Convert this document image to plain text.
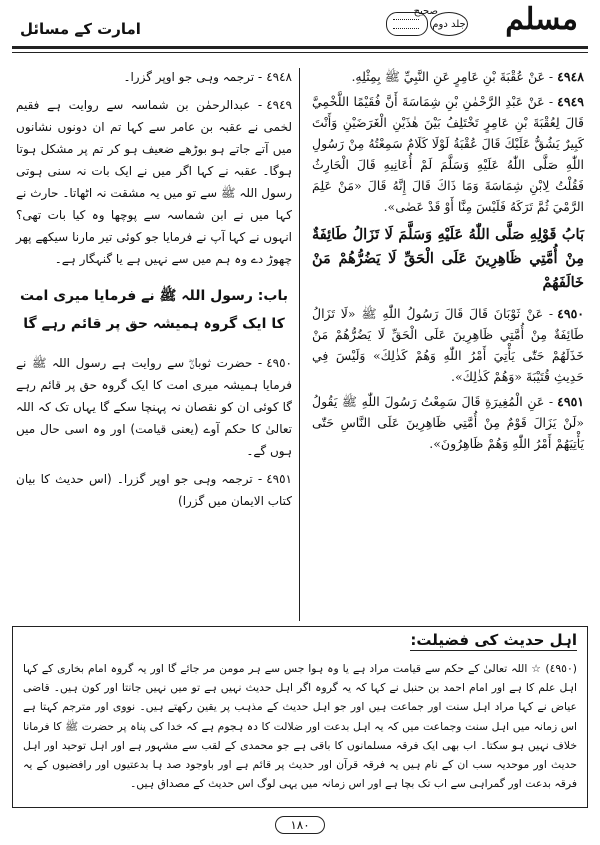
امارت کے مسائل	جلد دوم
صحیح مسلم

٤٩٤٨- عَنْ عُقْبَةَ بْنِ عَامِرٍ عَنِ النَّبِيِّ ﷺ بِمِثْلِهِ.

٤٩٤٩- عَنْ عَبْدِ الرَّحْمٰنِ بْنِ شِمَاسَةَ أَنَّ فُقَيْمًا اللَّخْمِيَّ قَالَ لِعُقْبَةَ بْنِ عَامِرٍ تَخْتَلِفُ بَيْنَ هٰذَيْنِ الْغَرَضَيْنِ وَأَنْتَ كَبِيرٌ يَشُقُّ عَلَيْكَ قَالَ عُقْبَةُ لَوْلَا كَلَامٌ سَمِعْتُهُ مِنْ رَسُولِ اللّٰهِ صَلَّى اللّٰهُ عَلَيْهِ وَسَلَّمَ لَمْ أُعَانِيهِ قَالَ الْحَارِثُ فَقُلْتُ لِابْنِ شِمَاسَةَ وَمَا ذَاكَ قَالَ إِنَّهُ قَالَ «مَنْ عَلِمَ الرَّمْيَ ثُمَّ تَرَكَهُ فَلَيْسَ مِنَّا أَوْ قَدْ عَصٰى».

بَابُ قَوْلِهِ صَلَّى اللّٰهُ عَلَيْهِ وَسَلَّمَ لَا تَزَالُ طَائِفَةٌ مِنْ أُمَّتِي ظَاهِرِينَ عَلَى الْحَقِّ لَا يَضُرُّهُمْ مَنْ خَالَفَهُمْ

٤٩٥٠- عَنْ ثَوْبَانَ قَالَ قَالَ رَسُولُ اللّٰهِ ﷺ «لَا تَزَالُ طَائِفَةٌ مِنْ أُمَّتِي ظَاهِرِينَ عَلَى الْحَقِّ لَا يَضُرُّهُمْ مَنْ خَذَلَهُمْ حَتّٰى يَأْتِيَ أَمْرُ اللّٰهِ وَهُمْ كَذٰلِكَ» وَلَيْسَ فِي حَدِيثِ قُتَيْبَةَ «وَهُمْ كَذٰلِكَ».

٤٩٥١- عَنِ الْمُغِيرَةِ قَالَ سَمِعْتُ رَسُولَ اللّٰهِ ﷺ يَقُولُ «لَنْ يَزَالَ قَوْمٌ مِنْ أُمَّتِي ظَاهِرِينَ عَلَى النَّاسِ حَتّٰى يَأْتِيَهُمْ أَمْرُ اللّٰهِ وَهُمْ ظَاهِرُونَ».

٤٩٤٨- ترجمہ وہی جو اوپر گزرا۔

٤٩٤٩- عبدالرحمٰن بن شماسہ سے روایت ہے فقیم لخمی نے عقبہ بن عامر سے کہا تم ان دونوں نشانوں میں آتے جاتے ہو بوڑھے ضعیف ہو کر تم پر مشکل ہوتا ہوگا۔ عقبہ نے کہا اگر میں نے ایک بات نہ سنی ہوتی رسول اللہ ﷺ سے تو میں یہ مشقت نہ اٹھاتا۔ حارث نے کہا میں نے ابن شماسہ سے پوچھا وہ کیا بات تھی؟ انہوں نے کہا آپ نے فرمایا جو کوئی تیر مارنا سیکھے پھر چھوڑ دے وہ ہم میں سے نہیں ہے یا گنہگار ہے۔

باب: رسول اللہ ﷺ نے فرمایا میری امت کا ایک گروہ ہمیشہ حق پر قائم رہے گا

٤٩٥٠- حضرت ثوبانؓ سے روایت ہے رسول اللہ ﷺ نے فرمایا ہمیشہ میری امت کا ایک گروہ حق پر قائم رہے گا کوئی ان کو نقصان نہ پہنچا سکے گا یہاں تک کہ اللہ تعالیٰ کا حکم آوے (یعنی قیامت) اور وہ اسی حال میں ہوں گے۔

٤٩٥١- ترجمہ وہی جو اوپر گزرا۔ (اس حدیث کا بیان کتاب الایمان میں گزرا)

اہل حدیث کی فضیلت:
(٤٩٥٠) ☆ اللہ تعالیٰ کے حکم سے قیامت مراد ہے یا وہ ہوا جس سے ہر مومن مر جائے گا اور یہ گروہ امام بخاری کے کہا اہل علم کا ہے اور امام احمد بن حنبل نے کہا کہ یہ گروہ اگر اہل حدیث نہیں ہے تو میں نہیں جانتا اور کون ہیں۔ قاضی عیاض نے کہا مراد اہل سنت اور جماعت ہیں اور جو اہل حدیث کے مذہب پر یقین رکھتے ہیں۔ نووی اور مترجم کہتا ہے اس زمانہ میں اہل سنت وجماعت میں کہ یہ اہل بدعت اور ضلالت کا دہ ہجوم ہے کہ خدا کی پناہ پر حضرت ﷺ کا فرمانا خلاف نہیں ہو سکتا۔ اب بھی ایک فرقہ مسلمانوں کا باقی ہے جو محمدی کے لقب سے مشہور ہے اور اہل توحید اور اہل حدیث اور موحدیہ سب ان کے نام ہیں یہ فرقہ قرآن اور حدیث پر قائم ہے اور باوجود صد ہا بدعتیوں اور رافضیوں کے یہ فرقہ بدعت اور گمراہی سے اب تک بچا ہے اور اس زمانہ میں یہی لوگ اس حدیث کے مصداق ہیں۔
١٨٠
